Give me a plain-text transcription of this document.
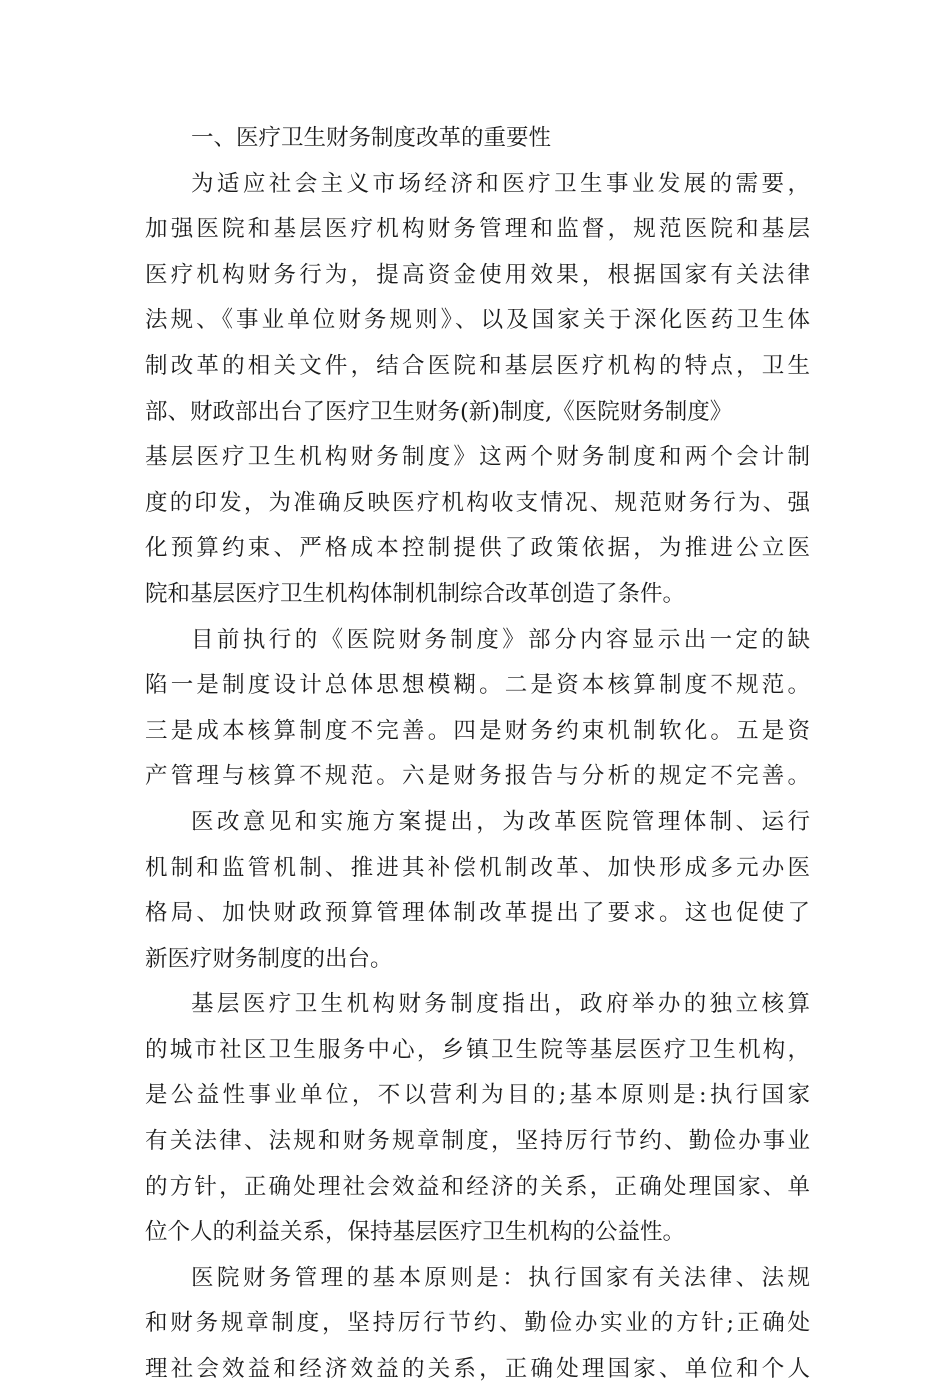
一、医疗卫生财务制度改革的重要性
为适应社会主义市场经济和医疗卫生事业发展的需要，
加强医院和基层医疗机构财务管理和监督，规范医院和基层
医疗机构财务行为，提高资金使用效果，根据国家有关法律
法规、《事业单位财务规则》、以及国家关于深化医药卫生体
制改革的相关文件，结合医院和基层医疗机构的特点，卫生
部、财政部出台了医疗卫生财务(新)制度,《医院财务制度》
基层医疗卫生机构财务制度》这两个财务制度和两个会计制
度的印发，为准确反映医疗机构收支情况、规范财务行为、强
化预算约束、严格成本控制提供了政策依据，为推进公立医
院和基层医疗卫生机构体制机制综合改革创造了条件。
目前执行的《医院财务制度》部分内容显示出一定的缺
陷一是制度设计总体思想模糊。二是资本核算制度不规范。
三是成本核算制度不完善。四是财务约束机制软化。五是资
产管理与核算不规范。六是财务报告与分析的规定不完善。
医改意见和实施方案提出，为改革医院管理体制、运行
机制和监管机制、推进其补偿机制改革、加快形成多元办医
格局、加快财政预算管理体制改革提出了要求。这也促使了
新医疗财务制度的出台。
基层医疗卫生机构财务制度指出，政府举办的独立核算
的城市社区卫生服务中心，乡镇卫生院等基层医疗卫生机构，
是公益性事业单位，不以营利为目的;基本原则是:执行国家
有关法律、法规和财务规章制度，坚持厉行节约、勤俭办事业
的方针，正确处理社会效益和经济的关系，正确处理国家、单
位个人的利益关系，保持基层医疗卫生机构的公益性。
医院财务管理的基本原则是：执行国家有关法律、法规
和财务规章制度，坚持厉行节约、勤俭办实业的方针;正确处
理社会效益和经济效益的关系，正确处理国家、单位和个人
